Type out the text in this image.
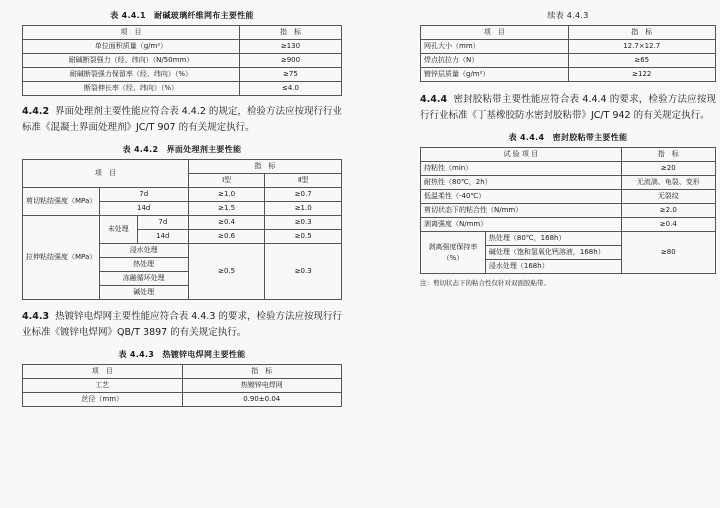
表 4.4.1　耐碱玻璃纤维网布主要性能
项　目	指　标
单位面积质量（g/m²）	≥130
耐碱断裂强力（经、纬向）（N/50mm）	≥900
耐碱断裂强力保留率（经、纬向）（%）	≥75
断裂伸长率（经、纬向）（%）	≤4.0

4.4.2 界面处理剂主要性能应符合表 4.4.2 的规定，检验方法应按现行行业标准《混凝土界面处理剂》JC/T 907 的有关规定执行。

表 4.4.2　界面处理剂主要性能
项　目			指　标	
			Ⅰ型	Ⅱ型
剪切粘结强度（MPa）	7d		≥1.0	≥0.7
	14d		≥1.5	≥1.0
拉伸粘结强度（MPa）	未处理	7d	≥0.4	≥0.3
		14d	≥0.6	≥0.5
	浸水处理		≥0.5	≥0.3
	热处理			
	冻融循环处理			
	碱处理			

4.4.3 热镀锌电焊网主要性能应符合表 4.4.3 的要求，检验方法应按现行行业标准《镀锌电焊网》QB/T 3897 的有关规定执行。

表 4.4.3　热镀锌电焊网主要性能
项　目	指　标
工艺	热镀锌电焊网
丝径（mm）	0.90±0.04
续表 4.4.3
项　目	指　标
网孔大小（mm）	12.7×12.7
焊点抗拉力（N）	≥65
镀锌层质量（g/m²）	≥122

4.4.4 密封胶粘带主要性能应符合表 4.4.4 的要求，检验方法应按现行行业标准《丁基橡胶防水密封胶粘带》JC/T 942 的有关规定执行。

表 4.4.4　密封胶粘带主要性能
试 验 项 目		指　标
持粘性（min）		≥20
耐热性（80℃，2h）		无流淌、龟裂、变形
低温柔性（-40℃）		无裂纹
剪切状态下的粘合性（N/mm）		≥2.0
剥离强度（N/mm）		≥0.4
剥离强度保持率（%）	热处理（80℃，168h）	≥80
	碱处理（饱和氢氧化钙溶液，168h）	
	浸水处理（168h）	
注：剪切状态下的粘合性仅针对双面胶粘带。
